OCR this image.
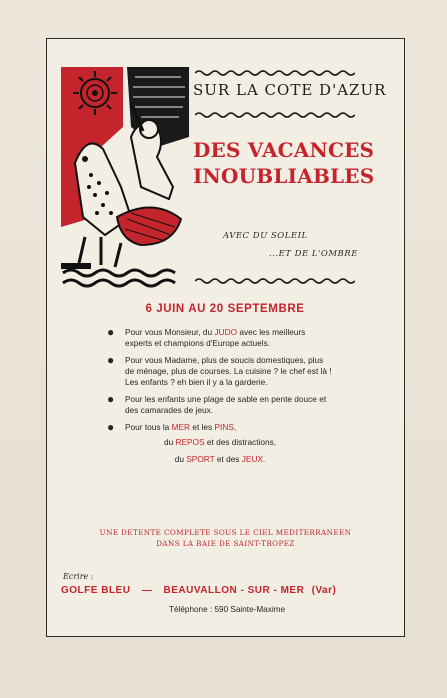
SUR LA COTE D'AZUR
DES VACANCES
INOUBLIABLES
AVEC DU SOLEIL
...ET DE L'OMBRE
6 JUIN AU 20 SEPTEMBRE
● Pour vous Monsieur, du JUDO avec les meilleurs experts et champions d'Europe actuels.
● Pour vous Madame, plus de soucis domestiques, plus de ménage, plus de courses. La cuisine ? le chef est là ! Les enfants ? eh bien il y a la garderie.
● Pour les enfants une plage de sable en pente douce et des camarades de jeux.
● Pour tous la MER et les PINS,
du REPOS et des distractions,
du SPORT et des JEUX.
UNE DETENTE COMPLETE SOUS LE CIEL MEDITERRANEEN
DANS LA BAIE DE SAINT-TROPEZ
Ecrire :
GOLFE BLEU — BEAUVALLON - SUR - MER (Var)
Téléphone : 590 Sainte-Maxime
